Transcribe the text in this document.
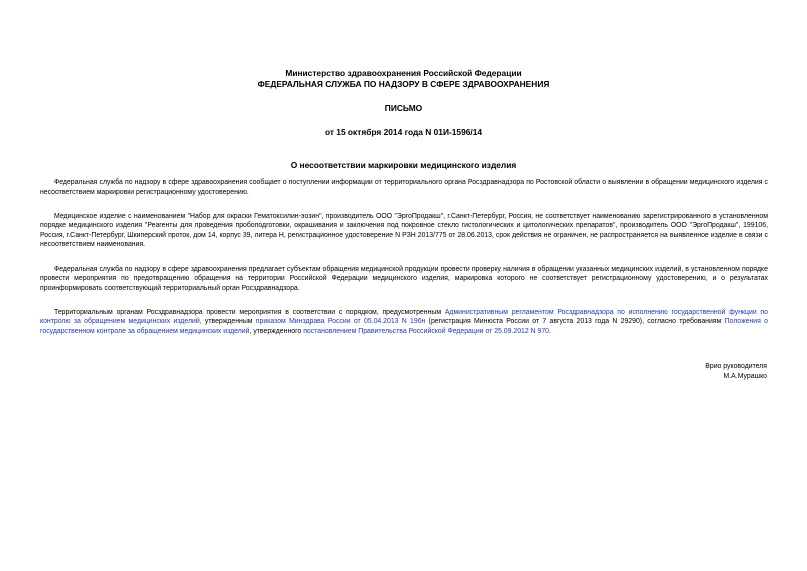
Министерство здравоохранения Российской Федерации
ФЕДЕРАЛЬНАЯ СЛУЖБА ПО НАДЗОРУ В СФЕРЕ ЗДРАВООХРАНЕНИЯ
ПИСЬМО
от 15 октября 2014 года N 01И-1596/14
О несоответствии маркировки медицинского изделия

Федеральная служба по надзору в сфере здравоохранения сообщает о поступлении информации от территориального органа Росздравнадзора по Ростовской области о выявлении в обращении медицинского изделия с несоответствием маркировки регистрационному удостоверению.

Медицинское изделие с наименованием "Набор для окраски Гематоксилин-эозин", производитель ООО "ЭргоПродакш", г.Санкт-Петербург, Россия, не соответствует наименованию зарегистрированного в установленном порядке медицинского изделия "Реагенты для проведения пробоподготовки, окрашивания и заключения под покровное стекло гистологических и цитологических препаратов", производитель ООО "ЭргоПродакш", 199106, Россия, г.Санкт-Петербург, Шкиперский проток, дом 14, корпус 39, литера Н, регистрационное удостоверение N РЗН 2013/775 от 28.06.2013, срок действия не ограничен, не распространяется на выявленное изделие в связи с несоответствием наименования.

Федеральная служба по надзору в сфере здравоохранения предлагает субъектам обращения медицинской продукции провести проверку наличия в обращении указанных медицинских изделий, в установленном порядке провести мероприятия по предотвращению обращения на территории Российской Федерации медицинского изделия, маркировка которого не соответствует регистрационному удостоверению, и о результатах проинформировать соответствующий территориальный орган Росздравнадзора.

Территориальным органам Росздравнадзора провести мероприятия в соответствии с порядком, предусмотренным Административным регламентом Росздравнадзора по исполнению государственной функции по контролю за обращением медицинских изделий, утвержденным приказом Минздрава России от 05.04.2013 N 196н (регистрация Минюста России от 7 августа 2013 года N 29290), согласно требованиям Положения о государственном контроле за обращением медицинских изделий, утвержденного постановлением Правительства Российской Федерации от 25.09.2012 N 970.

Врио руководителя
М.А.Мурашко
